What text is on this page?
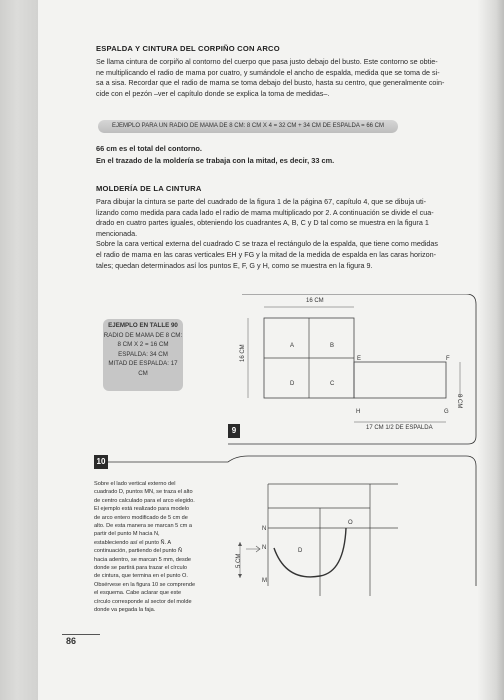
ESPALDA Y CINTURA DEL CORPIÑO CON ARCO
Se llama cintura de corpiño al contorno del cuerpo que pasa justo debajo del busto. Este contorno se obtie-
ne multiplicando el radio de mama por cuatro, y sumándole el ancho de espalda, medida que se toma de si-
sa a sisa. Recordar que el radio de mama se toma debajo del busto, hasta su centro, que generalmente coin-
cide con el pezón –ver el capítulo donde se explica la toma de medidas–.
EJEMPLO PARA UN RADIO DE MAMA DE 8 CM: 8 CM X 4 = 32 CM + 34 CM DE ESPALDA = 66 CM
66 cm es el total del contorno.
En el trazado de la moldería se trabaja con la mitad, es decir, 33 cm.
MOLDERÍA DE LA CINTURA
Para dibujar la cintura se parte del cuadrado de la figura 1 de la página 67, capítulo 4, que se dibuja uti-
lizando como medida para cada lado el radio de mama multiplicado por 2. A continuación se divide el cua-
drado en cuatro partes iguales, obteniendo los cuadrantes A, B, C y D tal como se muestra en la figura 1
mencionada.
Sobre la cara vertical externa del cuadrado C se traza el rectángulo de la espalda, que tiene como medidas
el radio de mama en las caras verticales EH y FG y la mitad de la medida de espalda en las caras horizon-
tales; quedan determinados así los puntos E, F, G y H, como se muestra en la figura 9.
EJEMPLO EN TALLE 90
RADIO DE MAMA DE 8 CM:
8 CM X 2 = 16 CM
ESPALDA: 34 CM
MITAD DE ESPALDA: 17 CM
16 CM
16 CM
8 CM
17 CM 1/2 DE ESPALDA
A	B
D	C
E	F
H	G
9
10
N
N
M
D
O
5 CM
Sobre el lado vertical externo del
cuadrado D, puntos MN, se traza el alto
de centro calculado para el arco elegido.
El ejemplo está realizado para modelo
de arco entero modificado de 5 cm de
alto. De esta manera se marcan 5 cm a
partir del punto M hacia N,
estableciendo así el punto Ñ. A
continuación, partiendo del punto Ñ
hacia adentro, se marcan 5 mm, desde
donde se partirá para trazar el círculo
de cintura, que termina en el punto O.
Obsérvese en la figura 10 se comprende
el esquema. Cabe aclarar que este
círculo corresponde al sector del molde
donde va pegada la faja.
86
